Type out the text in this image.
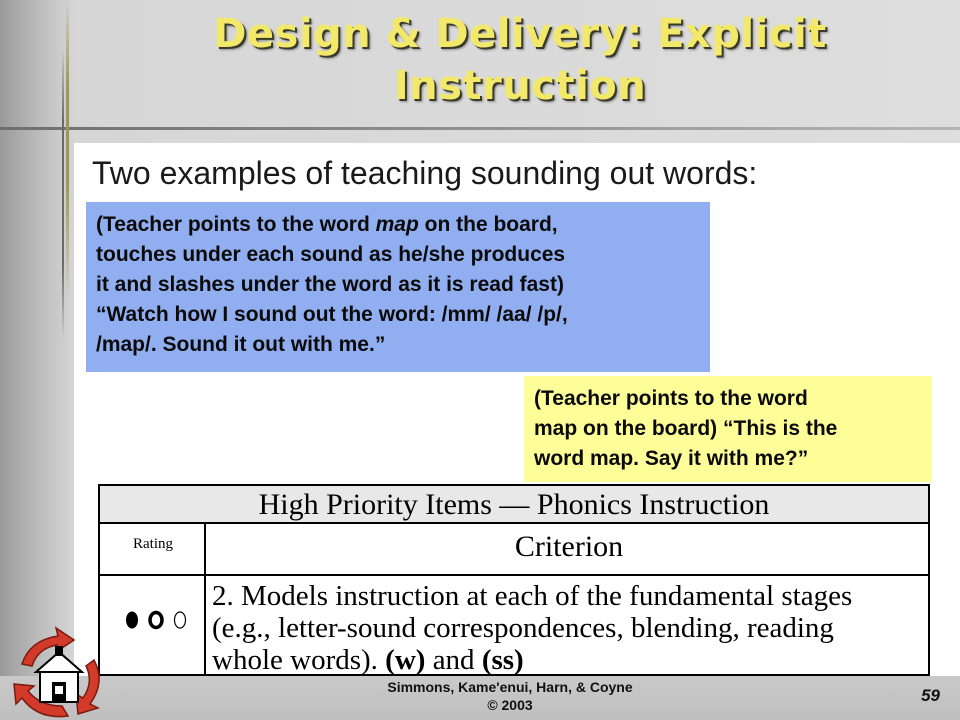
Design & Delivery: Explicit
Instruction
Two examples of teaching sounding out words:
(Teacher points to the word map on the board,
touches under each sound as he/she produces
it and slashes under the word as it is read fast)
“Watch how I sound out the word: /mm/ /aa/ /p/,
/map/. Sound it out with me.”
(Teacher points to the word
map on the board) “This is the
word map. Say it with me?”
High Priority Items — Phonics Instruction
Rating	Criterion
2. Models instruction at each of the fundamental stages
(e.g., letter-sound correspondences, blending, reading
whole words). (w) and (ss)
Simmons, Kame'enui, Harn, & Coyne
© 2003	59
